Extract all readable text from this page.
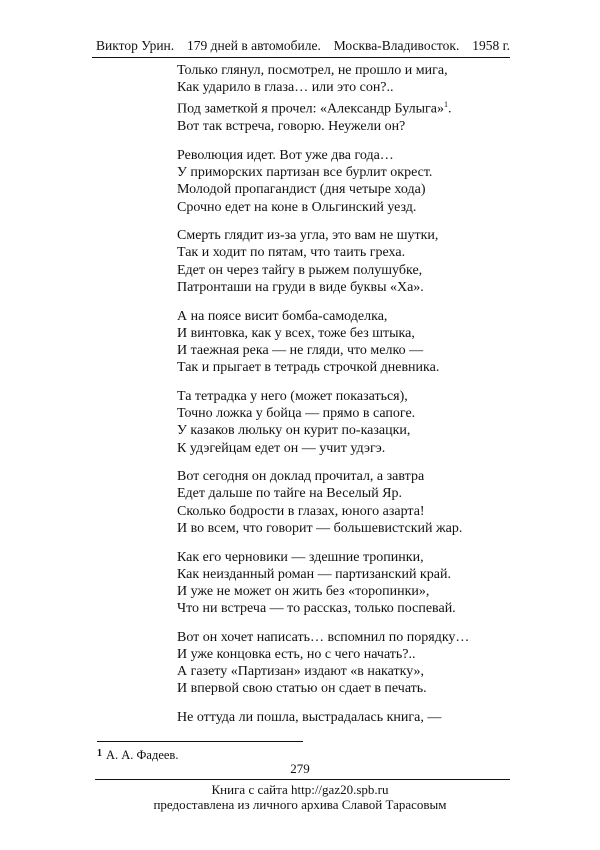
Виктор Урин. 179 дней в автомобиле. Москва-Владивосток. 1958 г.
Только глянул, посмотрел, не прошло и мига,
Как ударило в глаза… или это сон?..
Под заметкой я прочел: «Александр Булыга»$^1$.
Вот так встреча, говорю. Неужели он?
Революция идет. Вот уже два года…
У приморских партизан все бурлит окрест.
Молодой пропагандист (дня четыре хода)
Срочно едет на коне в Ольгинский уезд.
Смерть глядит из-за угла, это вам не шутки,
Так и ходит по пятам, что таить греха.
Едет он через тайгу в рыжем полушубке,
Патронташи на груди в виде буквы «Ха».
А на поясе висит бомба-самоделка,
И винтовка, как у всех, тоже без штыка,
И таежная река — не гляди, что мелко —
Так и прыгает в тетрадь строчкой дневника.
Та тетрадка у него (может показаться),
Точно ложка у бойца — прямо в сапоге.
У казаков люльку он курит по-казацки,
К удэгейцам едет он — учит удэгэ.
Вот сегодня он доклад прочитал, а завтра
Едет дальше по тайге на Веселый Яр.
Сколько бодрости в глазах, юного азарта!
И во всем, что говорит — большевистский жар.
Как его черновики — здешние тропинки,
Как неизданный роман — партизанский край.
И уже не может он жить без «торопинки»,
Что ни встреча — то рассказ, только поспевай.
Вот он хочет написать… вспомнил по порядку…
И уже концовка есть, но с чего начать?..
А газету «Партизан» издают «в накатку»,
И впервой свою статью он сдает в печать.
Не оттуда ли пошла, выстрадалась книга, —
$^1$ А. А. Фадеев.
279
Книга с сайта http://gaz20.spb.ru
предоставлена из личного архива Славой Тарасовым
